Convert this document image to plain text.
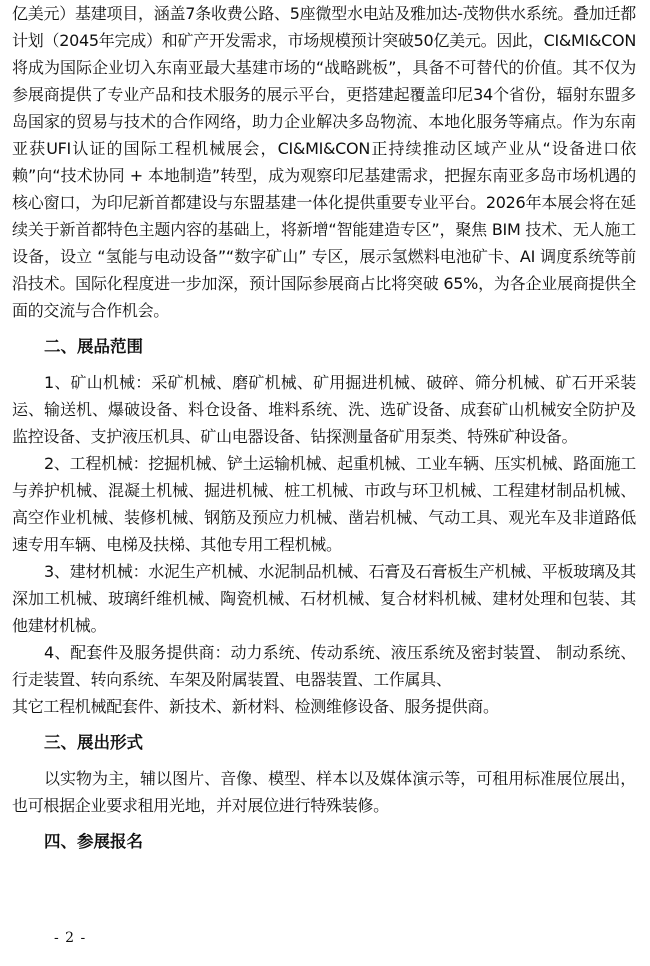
亿美元）基建项目，涵盖7条收费公路、5座微型水电站及雅加达-茂物供水系统。叠加迁都计划（2045年完成）和矿产开发需求，市场规模预计突破50亿美元。因此，CI&MI&CON将成为国际企业切入东南亚最大基建市场的“战略跳板”，具备不可替代的价值。其不仅为参展商提供了专业产品和技术服务的展示平台，更搭建起覆盖印尼34个省份，辐射东盟多岛国家的贸易与技术的合作网络，助力企业解决多岛物流、本地化服务等痛点。作为东南亚获UFI认证的国际工程机械展会，CI&MI&CON正持续推动区域产业从“设备进口依赖”向“技术协同 + 本地制造”转型，成为观察印尼基建需求，把握东南亚多岛市场机遇的核心窗口，为印尼新首都建设与东盟基建一体化提供重要专业平台。2026年本展会将在延续关于新首都特色主题内容的基础上，将新增“智能建造专区”，聚焦 BIM 技术、无人施工设备，设立 “氢能与电动设备”“数字矿山” 专区，展示氢燃料电池矿卡、AI 调度系统等前沿技术。国际化程度进一步加深，预计国际参展商占比将突破 65%，为各企业展商提供全面的交流与合作机会。

二、展品范围

1、矿山机械：采矿机械、磨矿机械、矿用掘进机械、破碎、筛分机械、矿石开采装运、输送机、爆破设备、料仓设备、堆料系统、洗、选矿设备、成套矿山机械安全防护及监控设备、支护液压机具、矿山电器设备、钻探测量备矿用泵类、特殊矿种设备。

2、工程机械：挖掘机械、铲土运输机械、起重机械、工业车辆、压实机械、路面施工与养护机械、混凝土机械、掘进机械、桩工机械、市政与环卫机械、工程建材制品机械、高空作业机械、装修机械、钢筋及预应力机械、凿岩机械、气动工具、观光车及非道路低速专用车辆、电梯及扶梯、其他专用工程机械。

3、建材机械：水泥生产机械、水泥制品机械、石膏及石膏板生产机械、平板玻璃及其深加工机械、玻璃纤维机械、陶瓷机械、石材机械、复合材料机械、建材处理和包装、其他建材机械。

4、配套件及服务提供商：动力系统、传动系统、液压系统及密封装置、 制动系统、行走装置、转向系统、车架及附属装置、电器装置、工作属具、

其它工程机械配套件、新技术、新材料、检测维修设备、服务提供商。

三、展出形式

以实物为主，辅以图片、音像、模型、样本以及媒体演示等，可租用标准展位展出，也可根据企业要求租用光地，并对展位进行特殊装修。

四、参展报名
- 2 -
